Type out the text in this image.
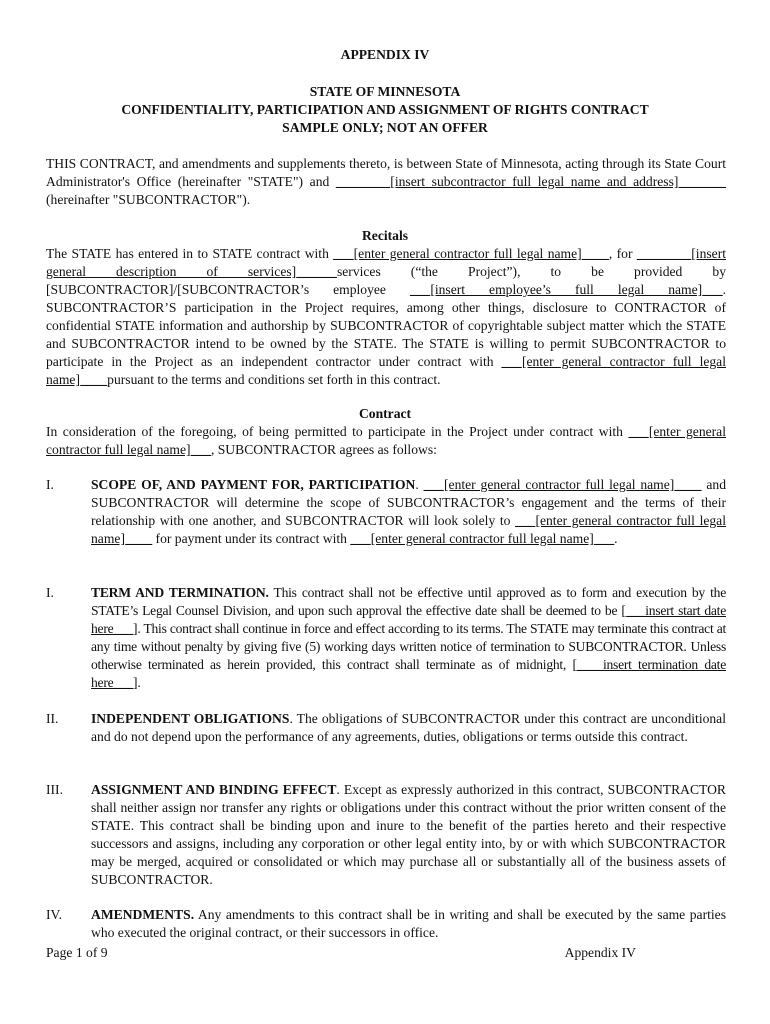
APPENDIX IV
STATE OF MINNESOTA
CONFIDENTIALITY, PARTICIPATION AND ASSIGNMENT OF RIGHTS CONTRACT
SAMPLE ONLY; NOT AN OFFER
THIS CONTRACT, and amendments and supplements thereto, is between State of Minnesota, acting through its State Court Administrator's Office (hereinafter "STATE") and ________[insert subcontractor full legal name and address]_______ (hereinafter "SUBCONTRACTOR").
Recitals
The STATE has entered in to STATE contract with ___[enter general contractor full legal name]____, for ________[insert general description of services]______services (“the Project”), to be provided by [SUBCONTRACTOR]/[SUBCONTRACTOR’s employee ___[insert employee’s full legal name]___. SUBCONTRACTOR’S participation in the Project requires, among other things, disclosure to CONTRACTOR of confidential STATE information and authorship by SUBCONTRACTOR of copyrightable subject matter which the STATE and SUBCONTRACTOR intend to be owned by the STATE. The STATE is willing to permit SUBCONTRACTOR to participate in the Project as an independent contractor under contract with ___[enter general contractor full legal name]____pursuant to the terms and conditions set forth in this contract.
Contract
In consideration of the foregoing, of being permitted to participate in the Project under contract with ___[enter general contractor full legal name]___, SUBCONTRACTOR agrees as follows:
I.	SCOPE OF, AND PAYMENT FOR, PARTICIPATION. ___[enter general contractor full legal name]____ and SUBCONTRACTOR will determine the scope of SUBCONTRACTOR’s engagement and the terms of their relationship with one another, and SUBCONTRACTOR will look solely to ___[enter general contractor full legal name]____ for payment under its contract with ___[enter general contractor full legal name]___.
I.	TERM AND TERMINATION. This contract shall not be effective until approved as to form and execution by the STATE’s Legal Counsel Division, and upon such approval the effective date shall be deemed to be [___insert start date here___]. This contract shall continue in force and effect according to its terms. The STATE may terminate this contract at any time without penalty by giving five (5) working days written notice of termination to SUBCONTRACTOR. Unless otherwise terminated as herein provided, this contract shall terminate as of midnight, [____insert termination date here___].
II.	INDEPENDENT OBLIGATIONS. The obligations of SUBCONTRACTOR under this contract are unconditional and do not depend upon the performance of any agreements, duties, obligations or terms outside this contract.
III.	ASSIGNMENT AND BINDING EFFECT. Except as expressly authorized in this contract, SUBCONTRACTOR shall neither assign nor transfer any rights or obligations under this contract without the prior written consent of the STATE. This contract shall be binding upon and inure to the benefit of the parties hereto and their respective successors and assigns, including any corporation or other legal entity into, by or with which SUBCONTRACTOR may be merged, acquired or consolidated or which may purchase all or substantially all of the business assets of SUBCONTRACTOR.
IV.	AMENDMENTS. Any amendments to this contract shall be in writing and shall be executed by the same parties who executed the original contract, or their successors in office.
Page 1 of 9	Appendix IV
